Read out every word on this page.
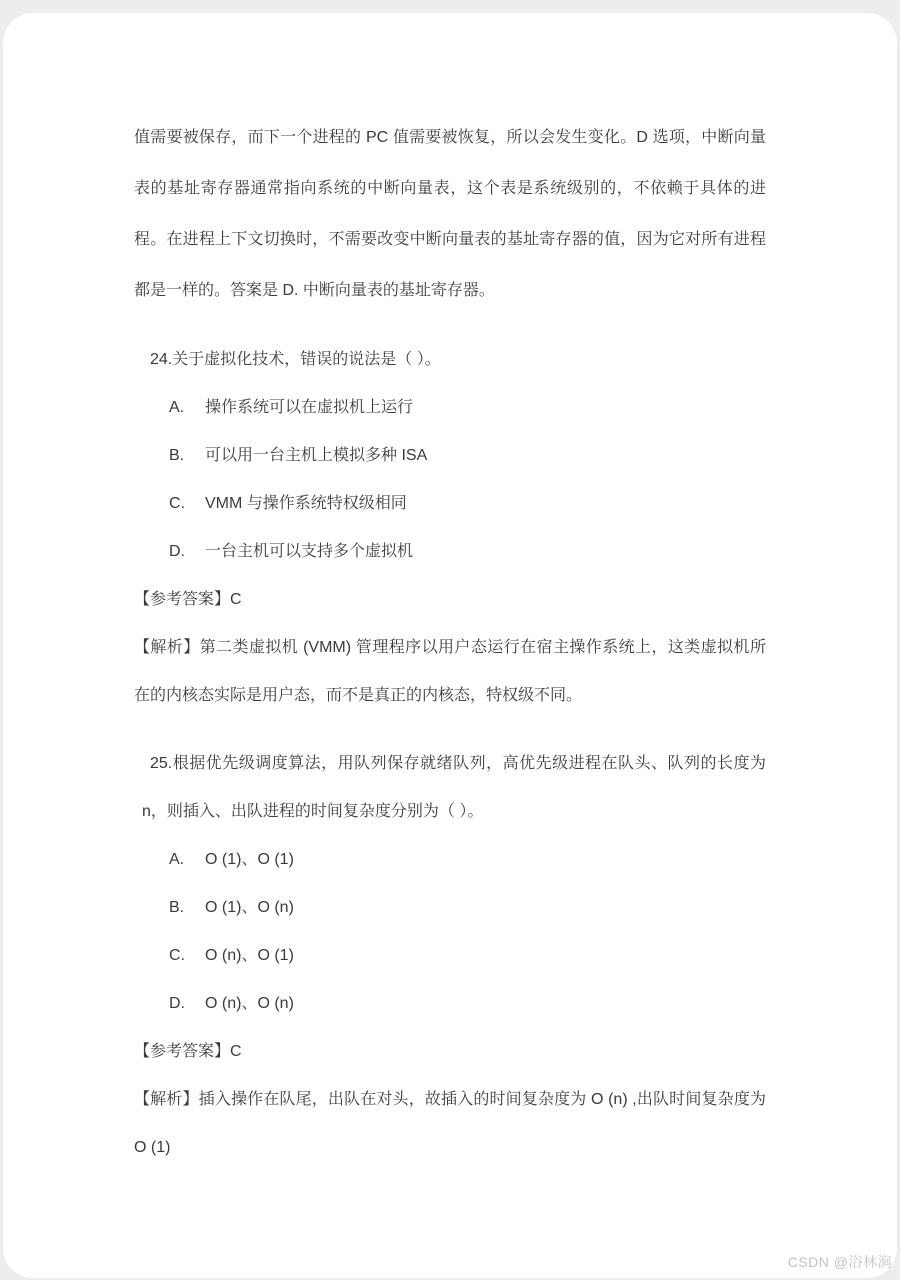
值需要被保存，而下一个进程的 PC 值需要被恢复，所以会发生变化。D 选项，中断向量表的基址寄存器通常指向系统的中断向量表，这个表是系统级别的，不依赖于具体的进程。在进程上下文切换时，不需要改变中断向量表的基址寄存器的值，因为它对所有进程都是一样的。答案是 D. 中断向量表的基址寄存器。

24.关于虚拟化技术，错误的说法是（ ）。
A. 操作系统可以在虚拟机上运行
B. 可以用一台主机上模拟多种 ISA
C. VMM 与操作系统特权级相同
D. 一台主机可以支持多个虚拟机
【参考答案】C

【解析】第二类虚拟机 (VMM) 管理程序以用户态运行在宿主操作系统上，这类虚拟机所在的内核态实际是用户态，而不是真正的内核态，特权级不同。

25.根据优先级调度算法，用队列保存就绪队列，高优先级进程在队头、队列的长度为 n，则插入、出队进程的时间复杂度分别为（ ）。
A. O (1)、O (1)
B. O (1)、O (n)
C. O (n)、O (1)
D. O (n)、O (n)
【参考答案】C

【解析】插入操作在队尾，出队在对头，故插入的时间复杂度为 O (n) ,出队时间复杂度为 O (1)

CSDN @浴林涧
